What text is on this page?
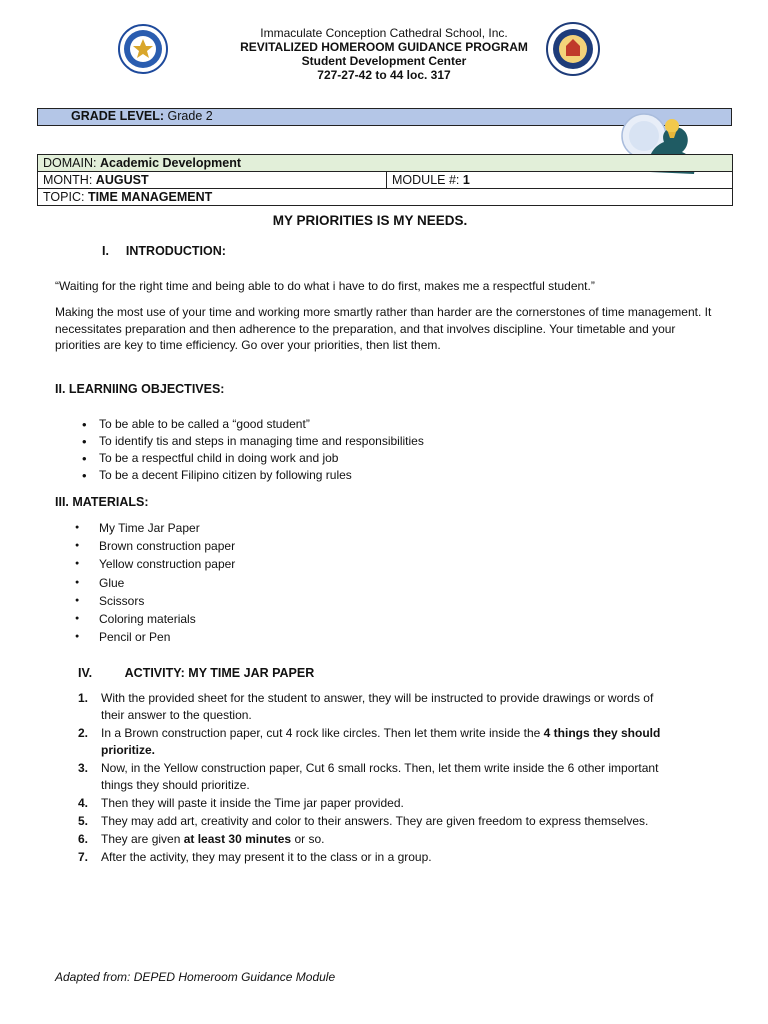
Immaculate Conception Cathedral School, Inc.
REVITALIZED HOMEROOM GUIDANCE PROGRAM
Student Development Center
727-27-42 to 44 loc. 317
GRADE LEVEL: Grade 2
DOMAIN: Academic Development
MONTH: AUGUST	MODULE #: 1
TOPIC: TIME MANAGEMENT
MY PRIORITIES IS MY NEEDS.
I. INTRODUCTION:
“Waiting for the right time and being able to do what i have to do first, makes me a respectful student.”
Making the most use of your time and working more smartly rather than harder are the cornerstones of time management. It necessitates preparation and then adherence to the preparation, and that involves discipline. Your timetable and your priorities are key to time efficiency. Go over your priorities, then list them.
II. LEARNIING OBJECTIVES:
• To be able to be called a “good student”
• To identify tis and steps in managing time and responsibilities
• To be a respectful child in doing work and job
• To be a decent Filipino citizen by following rules
III. MATERIALS:
● My Time Jar Paper
● Brown construction paper
● Yellow construction paper
● Glue
● Scissors
● Coloring materials
● Pencil or Pen
IV.	ACTIVITY: MY TIME JAR PAPER
1. With the provided sheet for the student to answer, they will be instructed to provide drawings or words of their answer to the question.
2. In a Brown construction paper, cut 4 rock like circles. Then let them write inside the 4 things they should prioritize.
3. Now, in the Yellow construction paper, Cut 6 small rocks. Then, let them write inside the 6 other important things they should prioritize.
4. Then they will paste it inside the Time jar paper provided.
5. They may add art, creativity and color to their answers. They are given freedom to express themselves.
6. They are given at least 30 minutes or so.
7. After the activity, they may present it to the class or in a group.
Adapted from: DEPED Homeroom Guidance Module
